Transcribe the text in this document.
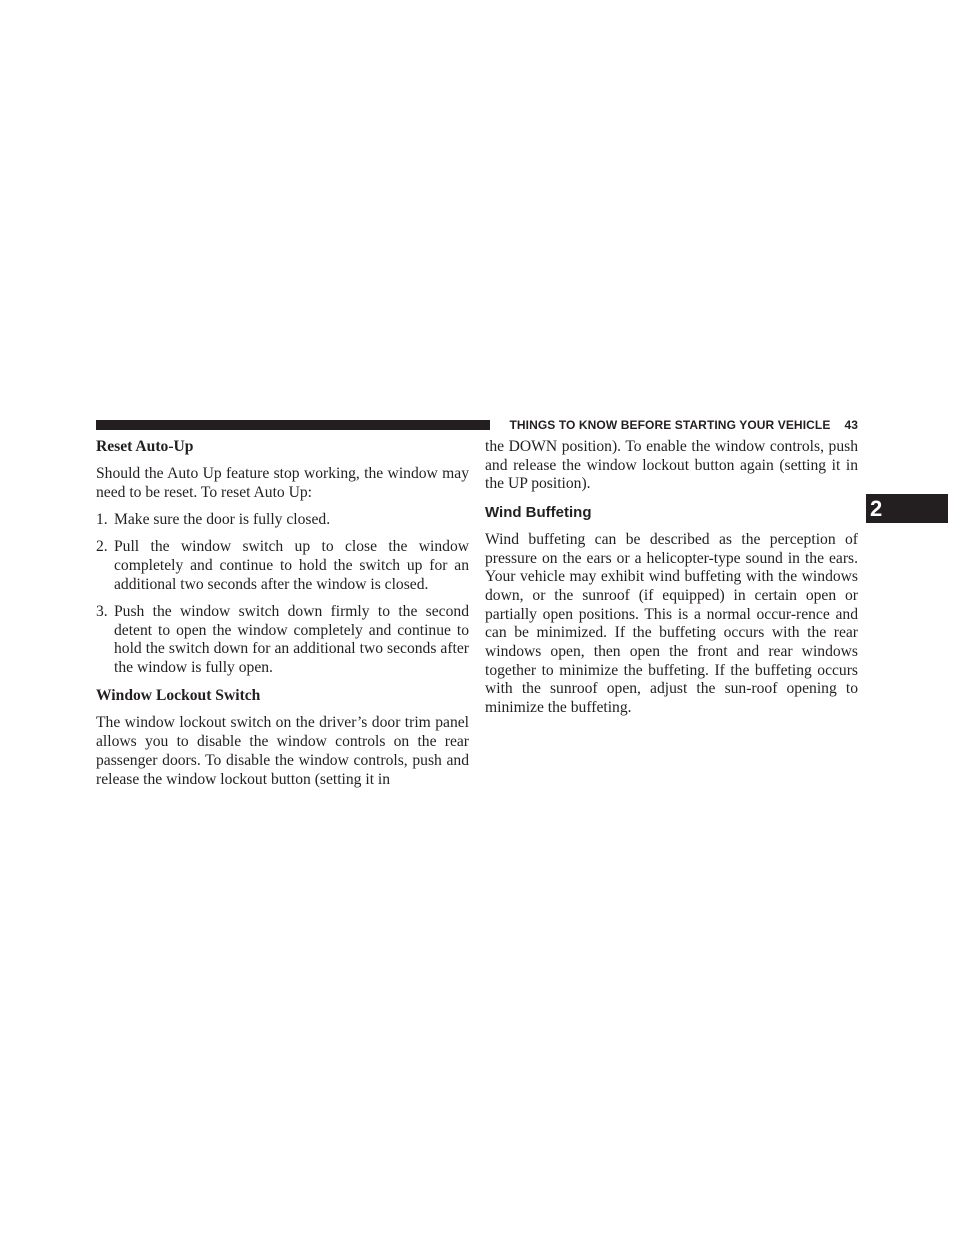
THINGS TO KNOW BEFORE STARTING YOUR VEHICLE 43
2
Reset Auto-Up

Should the Auto Up feature stop working, the window may need to be reset. To reset Auto Up:

1. Make sure the door is fully closed.
2. Pull the window switch up to close the window completely and continue to hold the switch up for an additional two seconds after the window is closed.
3. Push the window switch down firmly to the second detent to open the window completely and continue to hold the switch down for an additional two seconds after the window is fully open.
Window Lockout Switch

The window lockout switch on the driver’s door trim panel allows you to disable the window controls on the rear passenger doors. To disable the window controls, push and release the window lockout button (setting it in

the DOWN position). To enable the window controls, push and release the window lockout button again (setting it in the UP position).

Wind Buffeting

Wind buffeting can be described as the perception of pressure on the ears or a helicopter-type sound in the ears. Your vehicle may exhibit wind buffeting with the windows down, or the sunroof (if equipped) in certain open or partially open positions. This is a normal occur-rence and can be minimized. If the buffeting occurs with the rear windows open, then open the front and rear windows together to minimize the buffeting. If the buffeting occurs with the sunroof open, adjust the sun-roof opening to minimize the buffeting.
